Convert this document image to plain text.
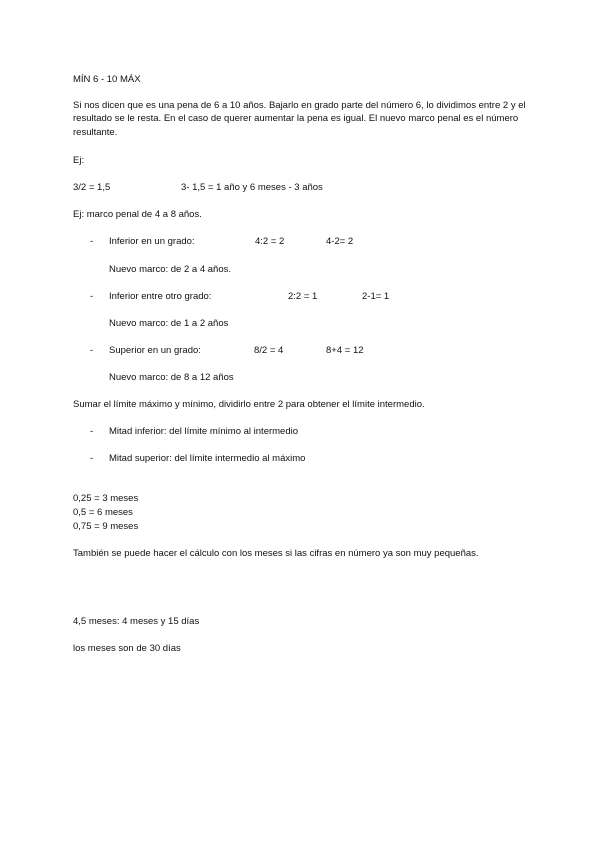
MÍN 6 - 10 MÁX
Si nos dicen que es una pena de 6 a 10 años. Bajarlo en grado parte del número 6, lo dividimos entre 2 y el resultado se le resta. En el caso de querer aumentar la pena es igual. El nuevo marco penal es el número resultante.
Ej:
3/2 = 1,5	3- 1,5 = 1 año y 6 meses - 3 años
Ej: marco penal de 4 a 8 años.
- Inferior en un grado:	4:2 = 2	4-2= 2
Nuevo marco: de 2 a 4 años.
- Inferior entre otro grado:	2:2 = 1	2-1= 1
Nuevo marco: de 1 a 2 años
- Superior en un grado:	8/2 = 4	8+4 = 12
Nuevo marco: de 8 a 12 años
Sumar el límite máximo y mínimo, dividirlo entre 2 para obtener el límite intermedio.
- Mitad inferior: del límite mínimo al intermedio
- Mitad superior: del límite intermedio al máximo
0,25 = 3 meses
0,5 = 6 meses
0,75 = 9 meses
También se puede hacer el cálculo con los meses si las cifras en número ya son muy pequeñas.
4,5 meses: 4 meses y 15 días
los meses son de 30 días
